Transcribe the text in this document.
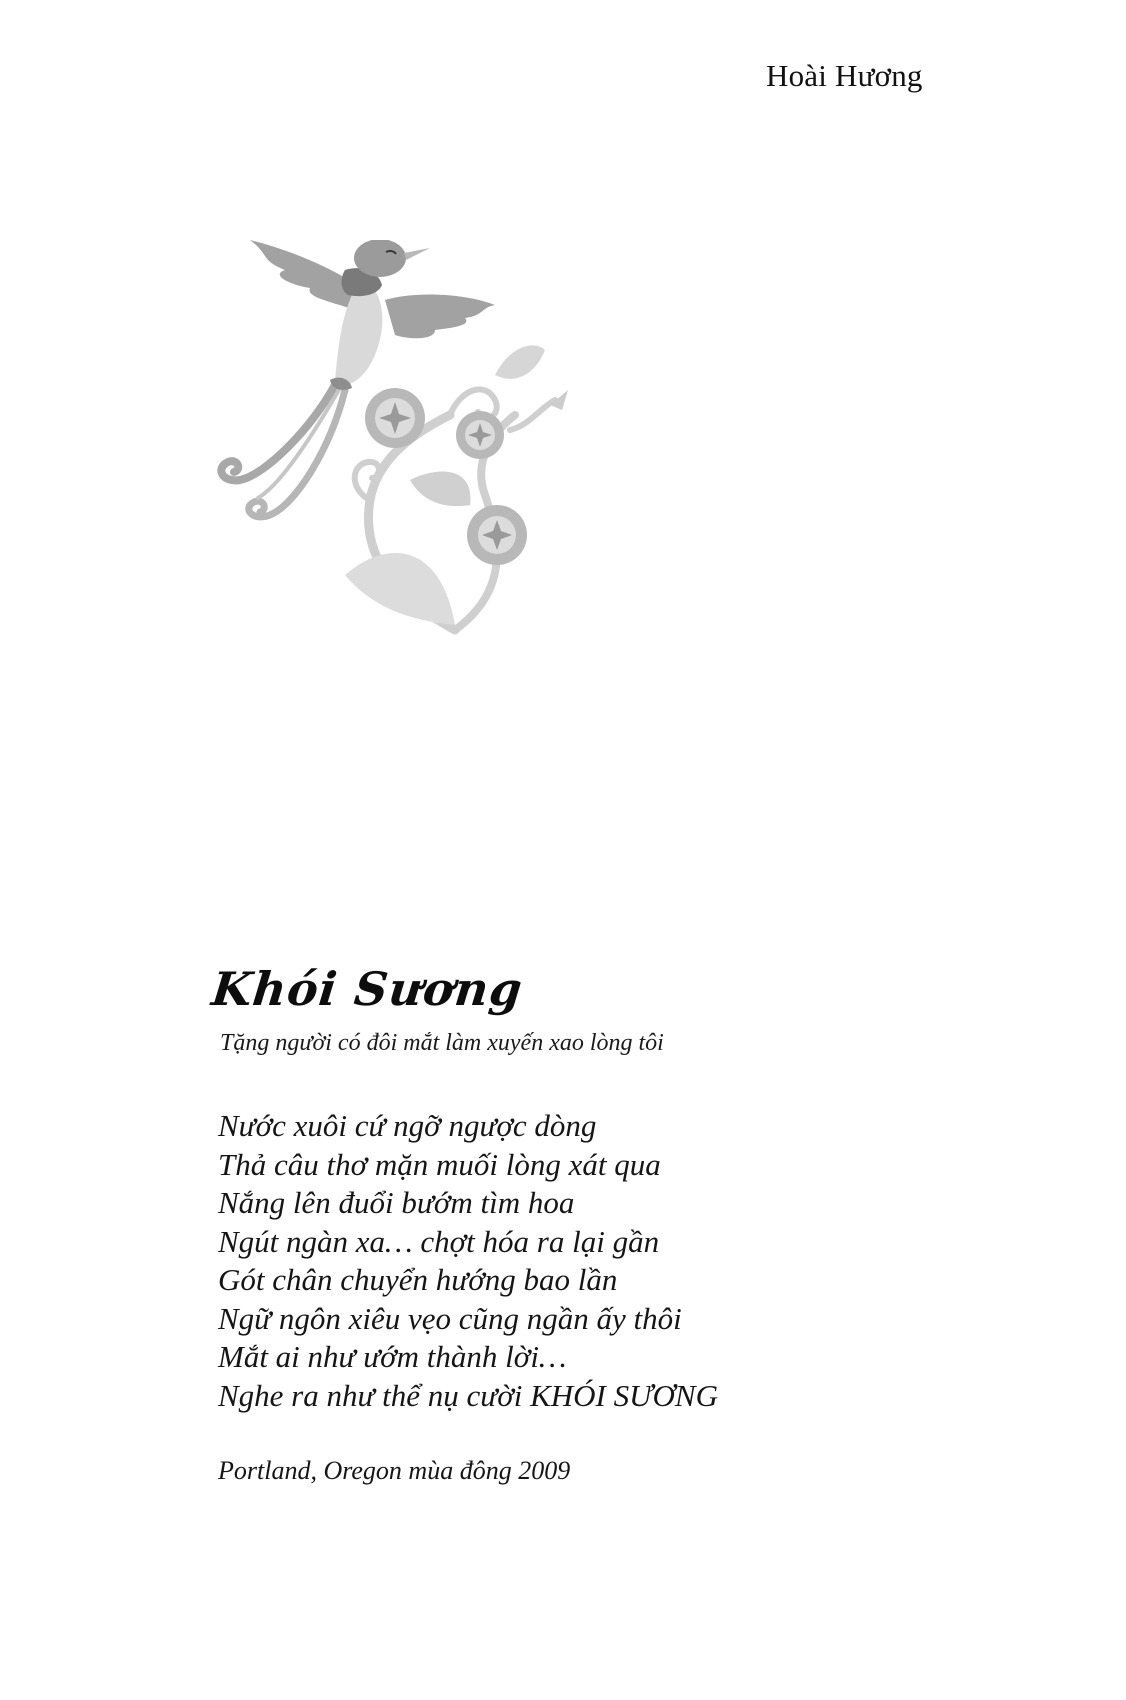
Hoài Hương
Khói Sương
Tặng người có đôi mắt làm xuyến xao lòng tôi
Nước xuôi cứ ngỡ ngược dòng
Thả câu thơ mặn muối lòng xát qua
Nắng lên đuổi bướm tìm hoa
Ngút ngàn xa… chợt hóa ra lại gần
Gót chân chuyển hướng bao lần
Ngữ ngôn xiêu vẹo cũng ngần ấy thôi
Mắt ai như ướm thành lời…
Nghe ra như thể nụ cười KHÓI SƯƠNG
Portland, Oregon mùa đông 2009
